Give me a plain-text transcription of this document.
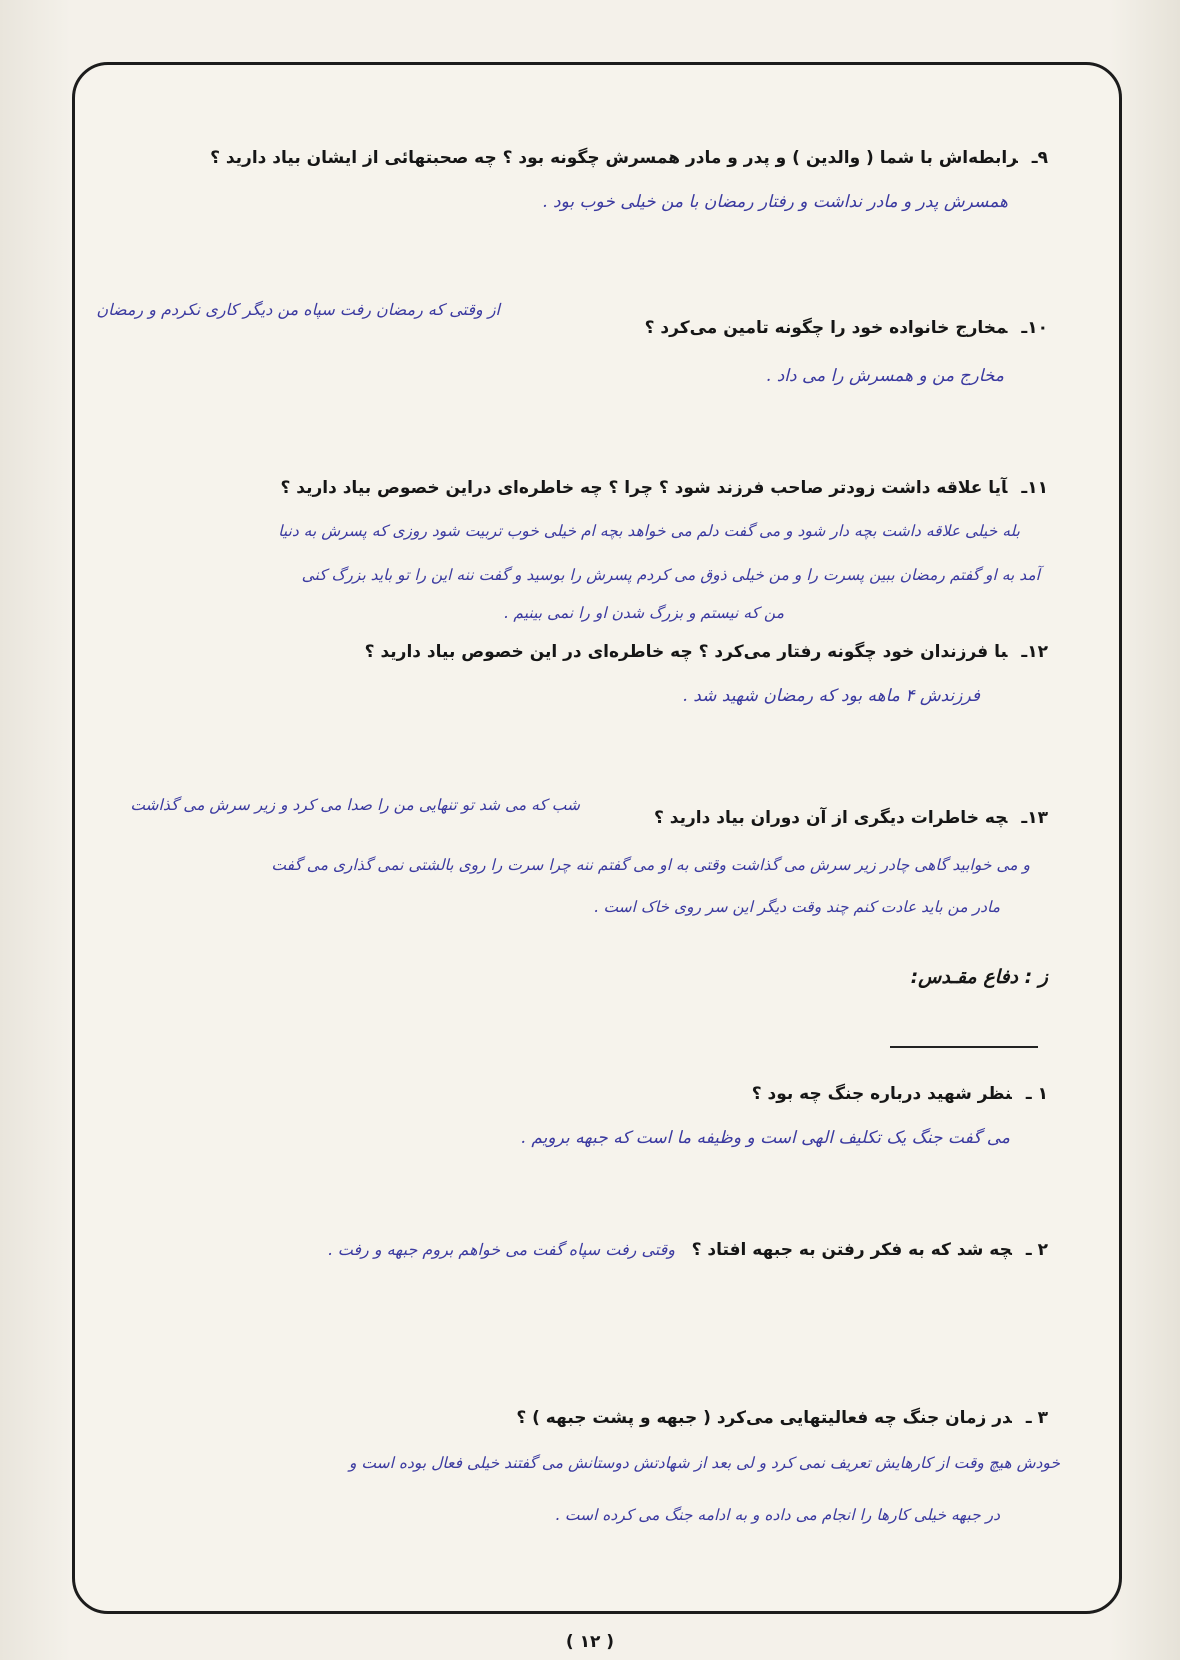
۹ـرابطه‌اش با شما ( والدین ) و پدر و مادر همسرش چگونه بود ؟ چه صحبتهائی از ایشان بیاد دارید ؟
همسرش پدر و مادر نداشت و رفتار رمضان با من خیلی خوب بود .
۱۰ـمخارج خانواده خود را چگونه تامین می‌کرد ؟
از وقتی که رمضان رفت سپاه من دیگر کاری نکردم و رمضان
مخارج من و همسرش را می داد .
۱۱ـآیا علاقه داشت زودتر صاحب فرزند شود ؟ چرا ؟ چه خاطره‌ای دراین خصوص بیاد دارید ؟
بله خیلی علاقه داشت بچه دار شود و می گفت دلم می خواهد بچه ام خیلی خوب تربیت شود روزی که پسرش به دنیا
آمد به او گفتم رمضان ببین پسرت را و من خیلی ذوق می کردم پسرش را بوسید و گفت ننه این را تو باید بزرگ کنی
من که نیستم و بزرگ شدن او را نمی بینیم .
۱۲ـبا فرزندان خود چگونه رفتار می‌کرد ؟ چه خاطره‌ای در این خصوص بیاد دارید ؟
فرزندش ۴ ماهه بود که رمضان شهید شد .
۱۳ـچه خاطرات دیگری از آن دوران بیاد دارید ؟
شب که می شد تو تنهایی من را صدا می کرد و زیر سرش می گذاشت
و می خوابید گاهی چادر زیر سرش می گذاشت وقتی به او می گفتم ننه چرا سرت را روی بالشتی نمی گذاری می گفت
مادر من باید عادت کنم چند وقت دیگر این سر روی خاک است .
ز : دفاع مقـدس:
۱ ـنظر شهید درباره جنگ چه بود ؟
می گفت جنگ یک تکلیف الهی است و وظیفه ما است که جبهه برویم .
۲ ـچه شد که به فکر رفتن به جبهه افتاد ؟
وقتی رفت سپاه گفت می خواهم بروم جبهه و رفت .
۳ ـدر زمان جنگ چه فعالیتهایی می‌کرد ( جبهه و پشت جبهه ) ؟
خودش هیچ وقت از کارهایش تعریف نمی کرد و لی بعد از شهادتش دوستانش می گفتند خیلی فعال بوده است و
در جبهه خیلی کارها را انجام می داده و به ادامه جنگ می کرده است .
( ۱۲ )
